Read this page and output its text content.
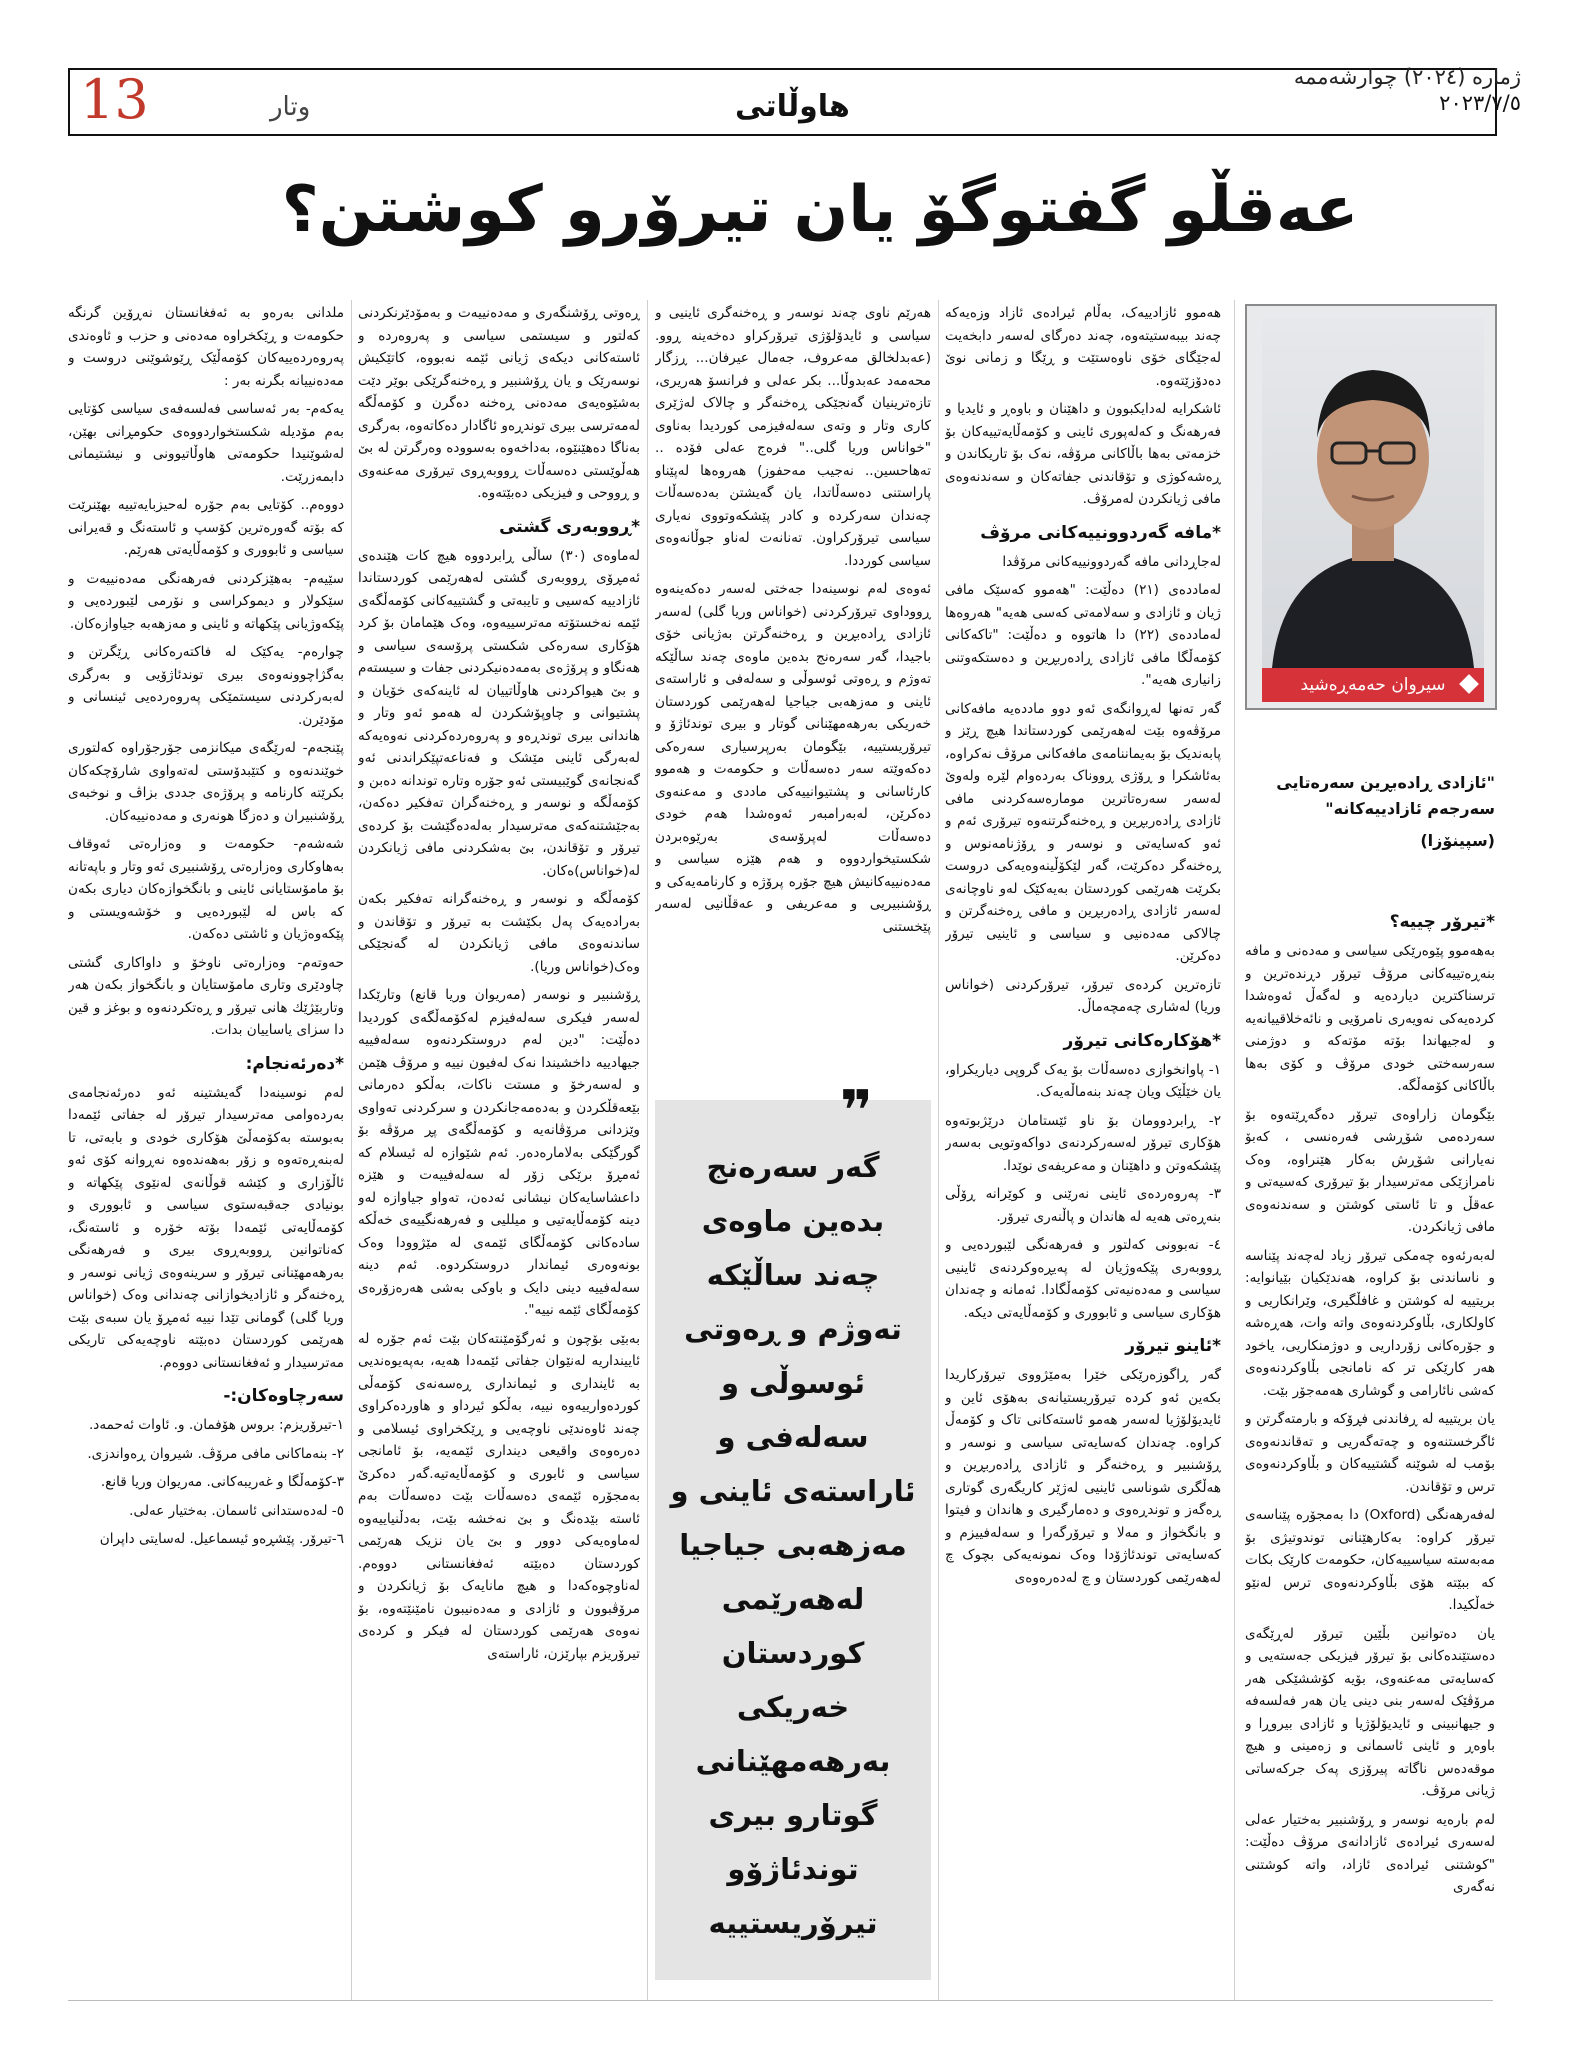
13	وتار	هاوڵاتی
ژماره (٢٠٢٤) چوارشەممە
٢٠٢٣/٧/٥
عەقڵو گفتوگۆ یان تیرۆرو کوشتن؟
سیروان حەمەڕەشید
"ئازادی ڕادەبڕین سەرەتایی سەرجەم ئازادییەکانە"
(سپینۆزا)
*تیرۆر چییە؟

بەهەموو پێوەرێکی سیاسی و مەدەنی و مافە بنەڕەتییەکانی مرۆڤ تیرۆر دڕندەترین و ترسناکترین دیاردەیە و لەگەڵ ئەوەشدا کردەیەکی نەویەری نامرۆیی و نائەخلاقییانەیە و لەجیهاندا بۆتە مۆتەکە و دوژمنی سەرسەختی خودی مرۆڤ و کۆی بەها باڵاکانی کۆمەڵگە.

بێگومان زاراوەی تیرۆر دەگەڕێتەوە بۆ سەردەمی شۆڕشی فەرەنسی ، کەبۆ نەیارانی شۆڕش بەکار هێنراوە، وەک نامرازێکی مەترسیدار بۆ تیرۆری کەسیەتی و عەقڵ و تا ئاستی کوشتن و سەندنەوەی مافی ژیانکردن.

لەبەرئەوە چەمکی تیرۆر زیاد لەچەند پێناسە و ناساندنی بۆ کراوە، هەندێکیان بێیانوایە: بریتییە لە کوشتن و غافڵگیری، وێرانکاریی و کاولکاری، بڵاوکردنەوەی واتە وات، هەڕەشە و جۆرەکانی زۆرداریی و دوژمنکاریی، یاخود هەر کارێکی تر کە نامانجی بڵاوکردنەوەی کەشی نائارامی و گوشاری هەمەجۆر بێت.

یان بریتییە لە ڕفاندنی فڕۆکە و بارمتەگرتن و ئاگرخستنەوە و چەتەگەریی و تەقاندنەوەی بۆمب لە شوێنە گشتییەکان و بڵاوکردنەوەی ترس و تۆقاندن.

لەفەرهەنگی (Oxford) دا بەمجۆرە پێناسەی تیرۆر کراوە: بەکارهێنانی توندوتیژی بۆ مەبەستە سیاسییەکان، حکومەت کارێک بکات کە ببێتە هۆی بڵاوکردنەوەی ترس لەنێو خەڵکیدا.

یان دەتوانین بڵێین تیرۆر لەڕێگەی دەستێندەکانی بۆ تیرۆر فیزیکی جەستەیی و کەسایەتی مەعنەوی، بۆیە کۆششێکی هەر مرۆڤێک لەسەر بنی دینی یان هەر فەلسەفە و جیهانبینی و ئایدیۆلۆژیا و ئازادی بیروڕا و باوەڕ و ئاینی ئاسمانی و زەمینی و هیچ موقەدەس ناگاتە پیرۆزی پەک جرکەساتی ژیانی مرۆڤ.

لەم بارەیە نوسەر و ڕۆشنبیر بەختیار عەلی لەسەری ئیرادەی ئازادانەی مرۆڤ دەڵێت: "کوشتنی ئیرادەی ئازاد، واتە کوشتنی نەگەری

هەموو ئازادییەک، بەڵام ئیرادەی ئازاد وزەیەکە چەند بیبەستیتەوە، چەند دەرگای لەسەر دابخەیت لەجێگای خۆی ناوەستێت و ڕێگا و زمانی نوێ دەدۆزێتەوە.

ئاشکرایە لەدایکبوون و داهێنان و باوەڕ و ئایدیا و فەرهەنگ و کەلەپوری ئاینی و کۆمەڵایەتییەکان بۆ خزمەتی بەها باڵاکانی مرۆڤە، نەک بۆ تاریکاندن و ڕەشەکوژی و تۆقاندنی جفاتەکان و سەندنەوەی مافی ژیانکردن لەمرۆڤ.

*مافە گەردوونییەکانی مرۆڤ

لەجاڕدانی مافە گەردوونییەکانی مرۆڤدا

لەماددەی (٢١) دەڵێت: "هەموو کەسێک مافی ژیان و ئازادی و سەلامەتی کەسی هەیە" هەروەها لەماددەی (٢٢) دا هاتووە و دەڵێت: "تاکەکانی کۆمەڵگا مافی ئازادی ڕادەربڕین و دەستکەوتنی زانیاری هەیە".

گەر تەنها لەڕوانگەی ئەو دوو ماددەیە مافەکانی مرۆڤەوە بێت لەهەرێمی کوردستاندا هیچ ڕێز و پابەندیک بۆ بەیماننامەی مافەکانی مرۆڤ نەکراوە، بەئاشکرا و ڕۆژی ڕووناک بەردەوام لێرە ولەوێ لەسەر سەرەتاترین مومارەسەکردنی مافی ئازادی ڕادەربڕین و ڕەخنەگرتنەوە تیرۆری ئەم و ئەو کەسایەتی و نوسەر و ڕۆژنامەنوس و ڕەخنەگر دەکرێت، گەر لێکۆڵینەوەیەکی دروست بکرێت هەرێمی کوردستان بەیەکێک لەو ناوچانەی لەسەر ئازادی ڕادەربڕین و مافی ڕەخنەگرتن و چالاکی مەدەنیی و سیاسی و ئاینیی تیرۆر دەکرێن.

تازەترین کردەی تیرۆر، تیرۆرکردنی (خواناس وریا) لەشاری چەمچەماڵ.

*هۆکارەکانی تیرۆر

١- پاوانخوازی دەسەڵات بۆ یەک گروپی دیاریکراو، یان خێڵێک ویان چەند بنەماڵەیەک.

٢- ڕابردوومان بۆ ناو ئێستامان درێژبوتەوە هۆکاری تیرۆر لەسەرکردنەی دواکەوتویی بەسەر پێشکەوتن و داهێنان و مەعریفەی نوێدا.

٣- پەروەردەی ئاینی نەرێنی و کوێرانە ڕۆڵی بنەڕەتی هەیە لە هاندان و پاڵنەری تیرۆر.

٤- نەبوونی کەلتور و فەرهەنگی لێبوردەیی و ڕووبەری پێکەوژیان لە پەیڕەوکردنەی ئاینیی سیاسی و مەدەنیەتی کۆمەڵگادا. ئەمانە و چەندان هۆکاری سیاسی و ئابووری و کۆمەڵایەتی دیکە.

*ئاینو تیرۆر

گەر ڕاگوزەرێکی خێرا بەمێژووی تیرۆرکاریدا بکەین ئەو کردە تیرۆریستیانەی بەهۆی ئاین و ئایدیۆلۆژیا لەسەر هەمو ئاستەکانی تاک و کۆمەڵ کراوە. چەندان کەسایەتی سیاسی و نوسەر و ڕۆشنبیر و ڕەخنەگر و ئازادی ڕادەربڕین و هەڵگری شوناسی ئاینیی لەژێر کاریگەری گوتاری ڕەگەز و توندڕەوی و دەمارگیری و هاندان و فیتوا و بانگخواز و مەلا و تیرۆرگەرا و سەلەفییزم و کەسایەتی توندئاژۆدا وەک نمونەیەکی بچوک چ لەهەرێمی کوردستان و چ لەدەرەوەی

هەرێم ناوی چەند نوسەر و ڕەخنەگری ئاینیی و سیاسی و ئایدۆلۆژی تیرۆرکراو دەخەینە ڕوو. (عەبدلخالق مەعروف، جەمال عیرفان... ڕزگار محەمەد عەبدوڵا... بکر عەلی و فرانسۆ هەریری، تازەترینیان گەنجێکی ڕەخنەگر و چالاک لەژێری کاری وتار و وتەی سەلەفیزمی کوردیدا بەناوی "خواناس وریا گلی.." فرەج عەلی فۆدە .. تەهاحسین.. نەجیب مەحفوز) هەروەها لەپێناو پاراستنی دەسەڵاتدا، یان گەیشتن بەدەسەڵات چەندان سەرکردە و کادر پێشکەوتووی نەیاری سیاسی تیرۆرکراون. تەنانەت لەناو جوڵانەوەی سیاسی کورددا.

ئەوەی لەم نوسینەدا جەختی لەسەر دەکەینەوە ڕووداوی تیرۆرکردنی (خواناس وریا گلی) لەسەر ئازادی ڕادەبڕین و ڕەخنەگرتن بەژیانی خۆی باجیدا، گەر سەرەنج بدەین ماوەی چەند ساڵێکە تەوژم و ڕەوتی ئوسوڵی و سەلەفی و ئاراستەی ئاینی و مەزهەبی جیاجیا لەهەرێمی کوردستان خەریکی بەرهەمهێنانی گوتار و بیری توندئاژۆ و تیرۆریستییە، بێگومان بەرپرسیاری سەرەکی دەکەوێتە سەر دەسەڵات و حکومەت و هەموو کارئاسانی و پشتیوانییەکی ماددی و مەعنەوی دەکرێن، لەبەرامبەر ئەوەشدا هەم خودی دەسەڵات لەپرۆسەی بەرێوەبردن شکستیخواردووە و هەم هێزە سیاسی و مەدەنییەکانیش هیچ جۆرە پرۆژە و کارنامەیەکی و ڕۆشنبیریی و مەعریفی و عەقڵانیی لەسەر پێخستنی

❞
گەر سەرەنج بدەین ماوەی چەند ساڵێکە تەوژم و ڕەوتی ئوسوڵی و سەلەفی و ئاراستەی ئاینی و مەزهەبی جیاجیا لەهەرێمی کوردستان خەریکی بەرهەمهێنانی گوتارو بیری توندئاژۆو تیرۆریستییە

ڕەوتی ڕۆشنگەری و مەدەنییەت و بەمۆدێرنکردنی کەلتور و سیستمی سیاسی و پەروەردە و ئاستەکانی دیکەی ژیانی ئێمە نەبووە، کاتێکیش نوسەرێک و یان ڕۆشنبیر و ڕەخنەگرێکی بوێر دێت بەشێوەیەی مەدەنی ڕەخنە دەگرن و کۆمەڵگە لەمەترسی بیری توندڕەو ئاگادار دەکاتەوە، بەرگری بەناگا دەهێنێوە، بەداخەوە بەسوودە وەرگرتن لە بێ هەڵوێستی دەسەڵات ڕووبەڕوی تیرۆری مەعنەوی و ڕووحی و فیزیکی دەبێتەوە.

*ڕووبەری گشتی

لەماوەی (٣٠) ساڵی ڕابردووە هیچ کات هێندەی ئەمڕۆی ڕووبەری گشتی لەهەرێمی کوردستاندا ئازادییە کەسیی و تایبەتی و گشتییەکانی کۆمەڵگەی ئێمە نەخستۆتە مەترسییەوە، وەک هێمامان بۆ کرد هۆکاری سەرەکی شکستی پرۆسەی سیاسی و هەنگاو و پرۆژەی بەمەدەنیکردنی جفات و سیستەم و بێ هیواکردنی هاوڵاتییان لە ئاینەکەی خۆیان و پشتیوانی و چاوپۆشکردن لە هەمو ئەو وتار و هاندانی بیری توندڕەو و پەروەردەکردنی نەوەیەکە لەبەرگی ئاینی مێشک و فەناعەتپێکراندنی ئەو گەنجانەی گوێبیستی ئەو جۆرە وتارە توندانە دەبن و کۆمەڵگە و نوسەر و ڕەخنەگران تەفکیر دەکەن، بەجێشتنەکەی مەترسیدار بەلەدەگێشت بۆ کردەی تیرۆر و تۆقاندن، بێ بەشکردنی مافی ژیانکردن لە(خواناس)ەکان.

کۆمەڵگە و نوسەر و ڕەخنەگرانە تەفکیر بکەن بەرادەیەک پەل بکێشت بە تیرۆر و تۆقاندن و ساندنەوەی مافی ژیانکردن لە گەنجێکی وەک(خواناس وریا).

ڕۆشنبیر و نوسەر (مەریوان وریا قانع) وتارێکدا لەسەر فیکری سەلەفیزم لەکۆمەڵگەی کوردیدا دەڵێت: "دین لەم دروستکردنەوە سەلەفییە جیهادییە داخشیندا نەک لەفیون نییە و مرۆڤ هێمن و لەسەرخۆ و مستت ناکات، بەڵکو دەرمانی بێعەقڵکردن و بەدەمەجانکردن و سرکردنی تەواوی وێزدانی مرۆڤانەیە و کۆمەڵگەی پڕ مرۆڤە بۆ گورگێکی بەلامارەدەر. ئەم شێوازە لە ئیسلام کە ئەمڕۆ برێکی زۆر لە سەلەفییەت و هێزە داعشاسایەکان نیشانی ئەدەن، تەواو جیاوازە لەو دینە کۆمەڵایەتیی و میللیی و فەرهەنگییەی خەڵکە سادەکانی کۆمەڵگای ئێمەی لە مێژوودا وەک بونەوەری ئیماندار دروستکردوە. ئەم دینە سەلەفییە دینی دایک و باوکی بەشی هەرەزۆرەی کۆمەڵگای ئێمە نییە".

بەبێی بۆچون و ئەرگۆمێنتەکان بێت ئەم جۆرە لە ئایینداریە لەنێوان جفاتی ئێمەدا هەیە، بەپەیوەندیی بە ئاینداری و ئیمانداری ڕەسەنەی کۆمەڵی کوردەوارییەوە نییە، بەڵکو ئیرداو و هاوردەکراوی چەند ئاوەندێی ناوچەیی و ڕێکخراوی ئیسلامی و دەرەوەی واقیعی دینداری ئێمەیە، بۆ ئامانجی سیاسی و ئابوری و کۆمەڵایەتیە.گەر دەکرێ بەمجۆرە ئێمەی دەسەڵات بێت دەسەڵات بەم ئاستە بێدەنگ و بێ نەخشە بێت، بەدڵنیاییەوە لەماوەیەکی دوور و بێ یان نزیک هەرێمی کوردستان دەبێتە ئەفغانستانی دووەم. لەناوچوەکەدا و هیچ مانایەک بۆ ژیانکردن و مرۆڤبوون و ئازادی و مەدەنیبون نامێنێتەوە، بۆ نەوەی هەرێمی کوردستان لە فیکر و کردەی تیرۆریزم بپارێزن، ئاراستەی

ملدانی بەرەو بە ئەفغانستان نەڕۆین گرنگە حکومەت و ڕێکخراوە مەدەنی و حزب و ئاوەندی پەروەردەییەکان کۆمەڵێک ڕێوشوێنی دروست و مەدەنییانە بگرنە بەر :

یەکەم- بەر ئەساسی فەلسەفەی سیاسی کۆتایی بەم مۆدیلە شکستخواردووەی حکومڕانی بهێن، لەشوێنیدا حکومەتی هاوڵاتیوونی و نیشتیمانی دابمەزرێت.

دووەم.. کۆتایی بەم جۆرە لەحیزبایەتییە بهێنرێت کە بۆتە گەورەترین کۆسپ و ئاستەنگ و قەیرانی سیاسی و ئابووری و کۆمەڵایەتی هەرێم.

سێیەم- بەهێزکردنی فەرهەنگی مەدەنییەت و سێکولار و دیموکراسی و نۆرمی لێبوردەیی و پێکەوژیانی پێکهاتە و ئاینی و مەزهەبە جیاوازەکان.

چوارەم- یەکێک لە فاکتەرەکانی ڕێگرتن و بەگژاچوونەوەی بیری توندئاژۆیی و بەرگری لەبەرکردنی سیستمێکی پەروەردەیی ئینسانی و مۆدێرن.

پێنجەم- لەرێگەی میکانزمی جۆرجۆراوە کەلتوری خوێندنەوە و کتێبدۆستی لەتەواوی شارۆچکەکان بکرێتە کارنامە و پرۆژەی جددی بزاڤ و نوخبەی ڕۆشنبیران و دەزگا هونەری و مەدەنییەکان.

شەشەم- حکومەت و وەزارەتی ئەوقاف بەهاوکاری وەزارەتی ڕۆشنبیری ئەو وتار و باپەتانە بۆ مامۆستایانی ئاینی و بانگخوازەکان دیاری بکەن کە باس لە لێبوردەیی و خۆشەویستی و پێکەوەژیان و ئاشتی دەکەن.

حەوتەم- وەزارەتی ناوخۆ و داواکاری گشتی چاودێری وتاری مامۆستایان و بانگخواز بکەن هەر وتاربێژێك هانی تیرۆر و ڕەتکردنەوە و بوغز و قین دا سزای یاساییان بدات.

*دەرئەنجام:

لەم نوسینەدا گەیشتینە ئەو دەرئەنجامەی بەردەوامی مەترسیدار تیرۆر لە جفاتی ئێمەدا بەبوستە بەکۆمەڵێ هۆکاری خودی و بابەتی، تا لەبنەڕەتەوە و زۆر بەهەندەوە نەڕوانە کۆی ئەو ئاڵۆزاری و کێشە قوڵانەی لەنێوی پێکهاتە و بونیادی جەقبەستوی سیاسی و ئابووری و کۆمەڵایەتی ئێمەدا بۆتە خۆرە و ئاستەنگ، کەناتوانین ڕووبەڕوی بیری و فەرهەنگی بەرهەمهێنانی تیرۆر و سرینەوەی ژیانی نوسەر و ڕەخنەگر و ئازادیخوازانی چەندانی وەک (خواناس وریا گلی) گومانی تێدا نییە ئەمڕۆ یان سبەی بێت هەرێمی کوردستان دەبێتە ناوچەیەکی تاریکی مەترسیدار و ئەفغانستانی دووەم.

سەرچاوەکان:-

١-تیرۆریزم: بروس هۆفمان. و. ئاوات ئەحمەد.

٢- بنەماکانی مافی مرۆڤ. شیروان ڕەواندزی.

٣-کۆمەڵگا و غەریبەکانی. مەریوان وریا قانع.

٥- لەدەستدانی ئاسمان. بەختیار عەلی.

٦-تیرۆر. پێشڕەو ئیسماعیل. لەسایتی داپران
